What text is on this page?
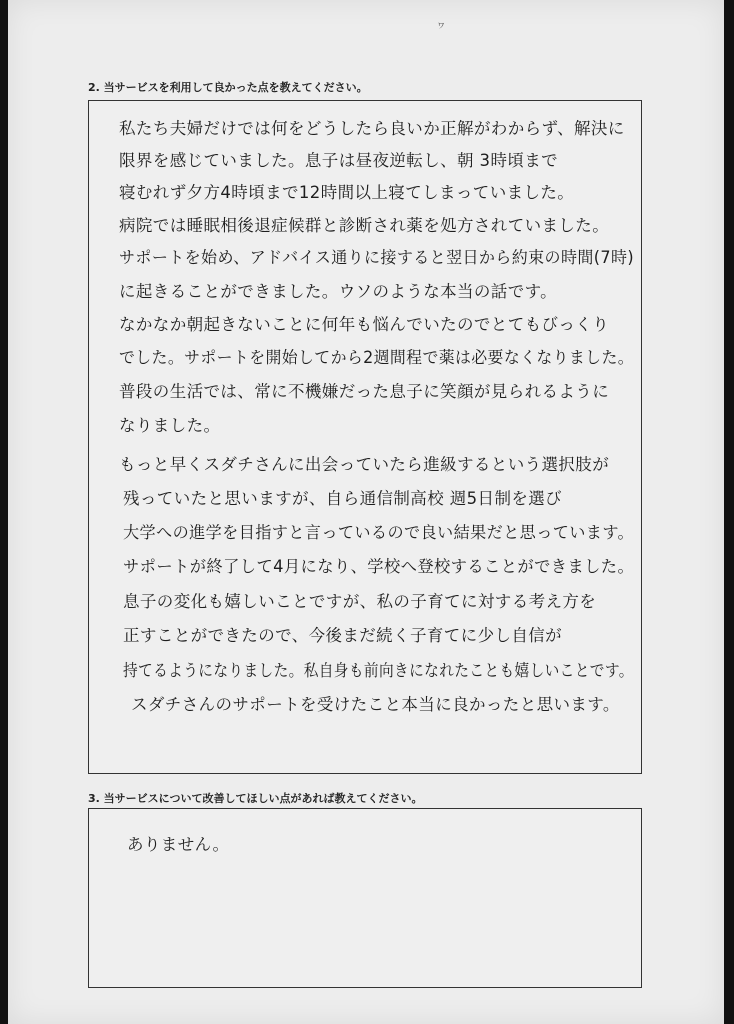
ヮ
2. 当サービスを利用して良かった点を教えてください。
私たち夫婦だけでは何をどうしたら良いか正解がわからず、解決に
限界を感じていました。息子は昼夜逆転し、朝 3時頃まで
寝むれず夕方4時頃まで12時間以上寝てしまっていました。
病院では睡眠相後退症候群と診断され薬を処方されていました。
サポートを始め、アドバイス通りに接すると翌日から約束の時間(7時)
に起きることができました。ウソのような本当の話です。
なかなか朝起きないことに何年も悩んでいたのでとてもびっくり
でした。サポートを開始してから2週間程で薬は必要なくなりました。
普段の生活では、常に不機嫌だった息子に笑顔が見られるように
なりました。
もっと早くスダチさんに出会っていたら進級するという選択肢が
残っていたと思いますが、自ら通信制高校 週5日制を選び
大学への進学を目指すと言っているので良い結果だと思っています。
サポートが終了して4月になり、学校へ登校することができました。
息子の変化も嬉しいことですが、私の子育てに対する考え方を
正すことができたので、今後まだ続く子育てに少し自信が
持てるようになりました。私自身も前向きになれたことも嬉しいことです。
スダチさんのサポートを受けたこと本当に良かったと思います。
3. 当サービスについて改善してほしい点があれば教えてください。
ありません。
